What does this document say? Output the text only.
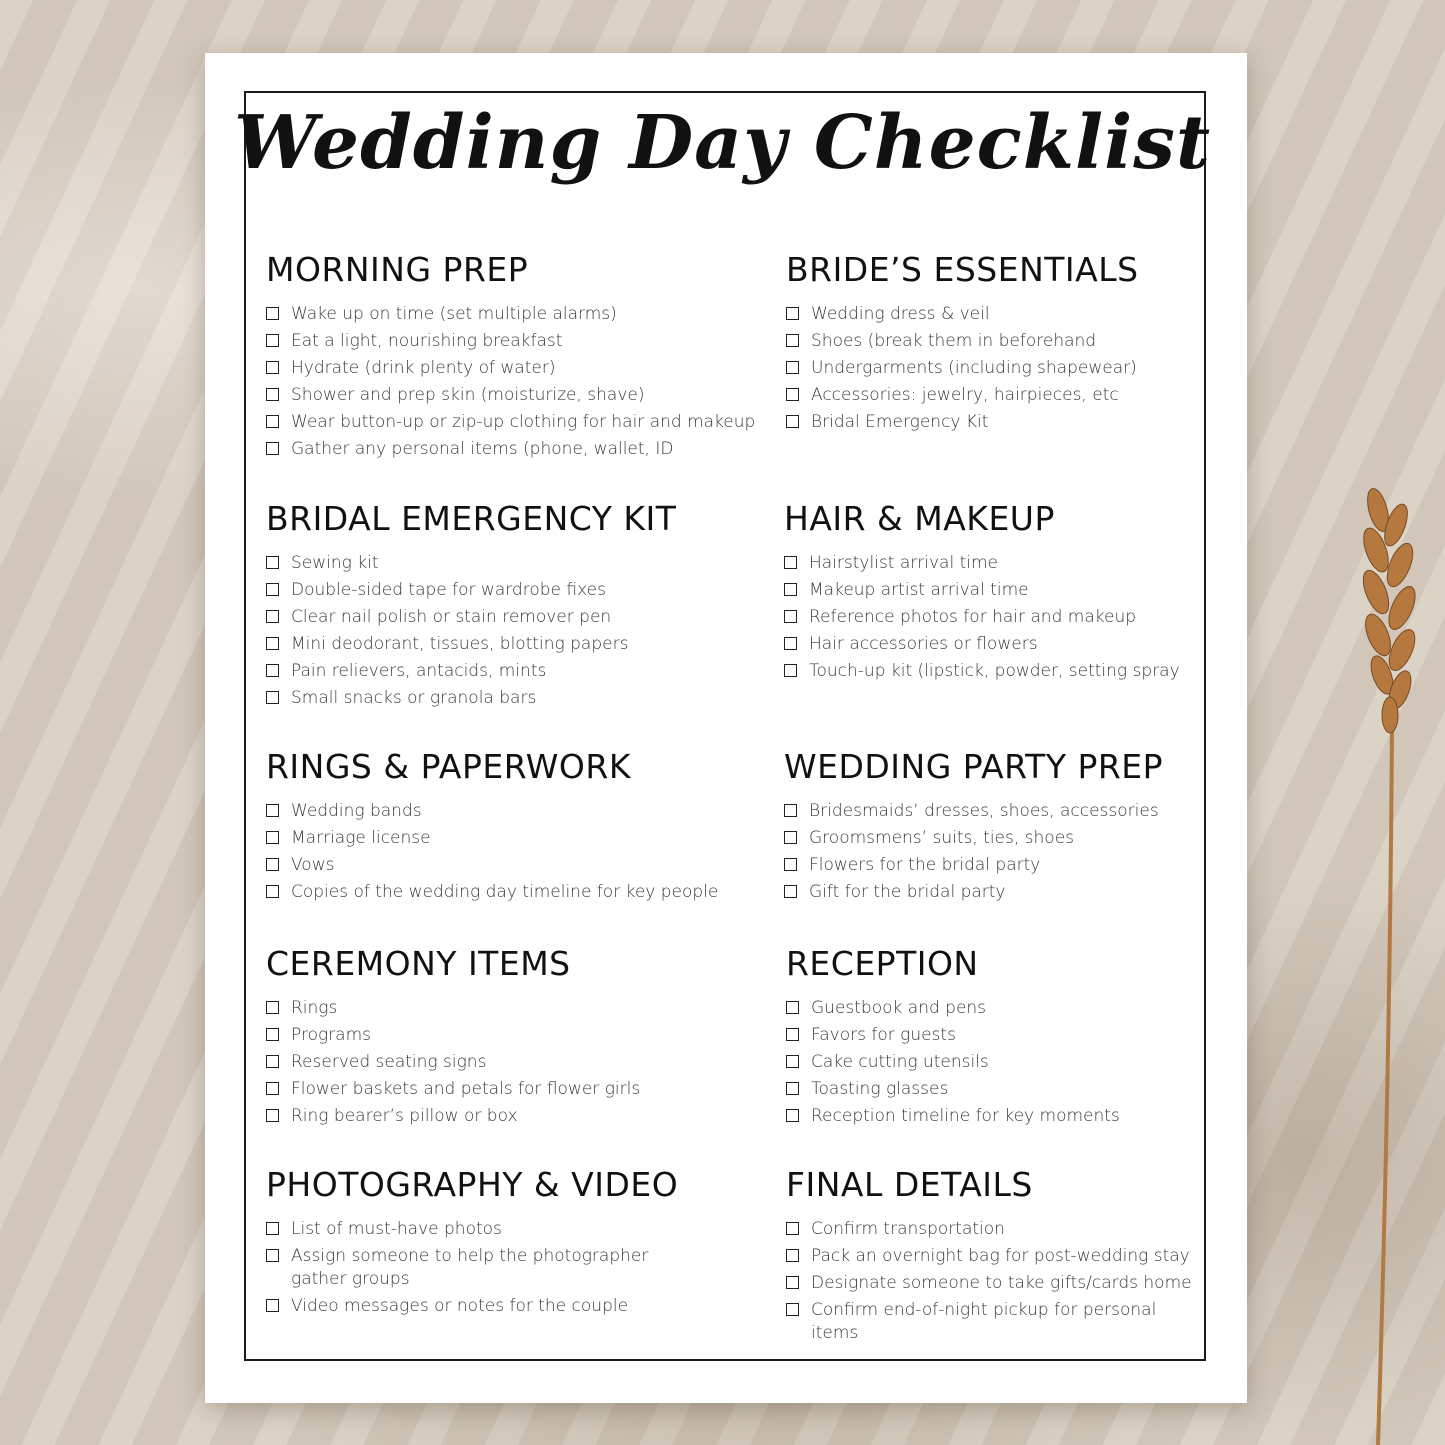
Wedding Day Checklist
MORNING PREP
Wake up on time (set multiple alarms)
Eat a light, nourishing breakfast
Hydrate (drink plenty of water)
Shower and prep skin (moisturize, shave)
Wear button-up or zip-up clothing for hair and makeup
Gather any personal items (phone, wallet, ID
BRIDE’S ESSENTIALS
Wedding dress & veil
Shoes (break them in beforehand
Undergarments (including shapewear)
Accessories: jewelry, hairpieces, etc
Bridal Emergency Kit
BRIDAL EMERGENCY KIT
Sewing kit
Double-sided tape for wardrobe fixes
Clear nail polish or stain remover pen
Mini deodorant, tissues, blotting papers
Pain relievers, antacids, mints
Small snacks or granola bars
HAIR & MAKEUP
Hairstylist arrival time
Makeup artist arrival time
Reference photos for hair and makeup
Hair accessories or flowers
Touch-up kit (lipstick, powder, setting spray
RINGS & PAPERWORK
Wedding bands
Marriage license
Vows
Copies of the wedding day timeline for key people
WEDDING PARTY PREP
Bridesmaids’ dresses, shoes, accessories
Groomsmens’ suits, ties, shoes
Flowers for the bridal party
Gift for the bridal party
CEREMONY ITEMS
Rings
Programs
Reserved seating signs
Flower baskets and petals for flower girls
Ring bearer’s pillow or box
RECEPTION
Guestbook and pens
Favors for guests
Cake cutting utensils
Toasting glasses
Reception timeline for key moments
PHOTOGRAPHY & VIDEO
List of must-have photos
Assign someone to help the photographer gather groups
Video messages or notes for the couple
FINAL DETAILS
Confirm transportation
Pack an overnight bag for post-wedding stay
Designate someone to take gifts/cards home
Confirm end-of-night pickup for personal items
